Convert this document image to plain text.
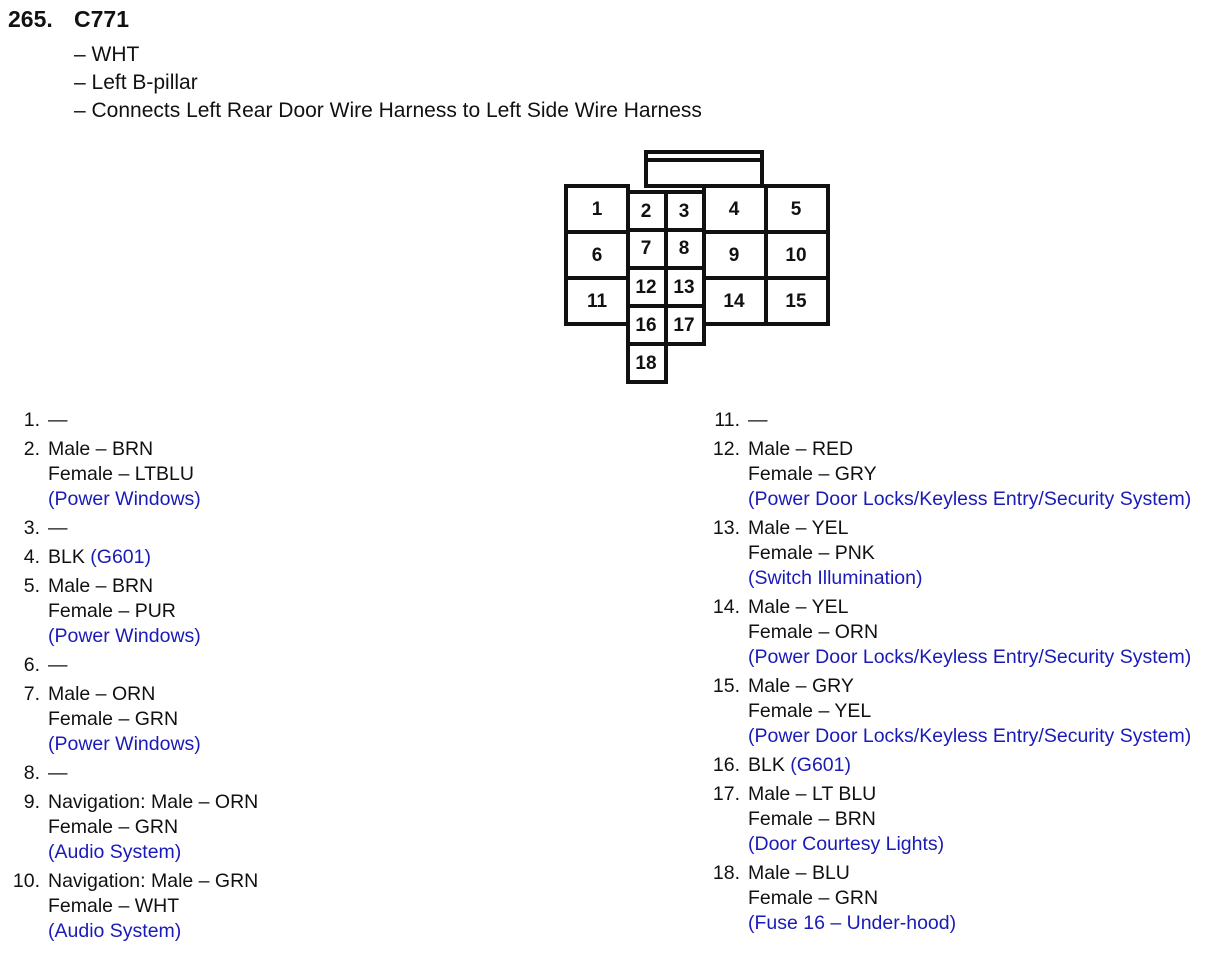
265. C771
– WHT
– Left B-pillar
– Connects Left Rear Door Wire Harness to Left Side Wire Harness
1 2 3 4	5
6 7 8 9 10
11
12 13
14 15
16 17
18
1. —
2. Male – BRN
Female – LTBLU
(Power Windows)
3. —
4. BLK (G601)
5. Male – BRN
Female – PUR
(Power Windows)
6. —
7. Male – ORN
Female – GRN
(Power Windows)
8. —
9. Navigation: Male – ORN
Female – GRN
(Audio System)
10. Navigation: Male – GRN
Female – WHT
(Audio System)
11. —
12. Male – RED
Female – GRY
(Power Door Locks/Keyless Entry/Security System)
13. Male – YEL
Female – PNK
(Switch Illumination)
14. Male – YEL
Female – ORN
(Power Door Locks/Keyless Entry/Security System)
15. Male – GRY
Female – YEL
(Power Door Locks/Keyless Entry/Security System)
16. BLK (G601)
17. Male – LT BLU
Female – BRN
(Door Courtesy Lights)
18. Male – BLU
Female – GRN
(Fuse 16 – Under-hood)
